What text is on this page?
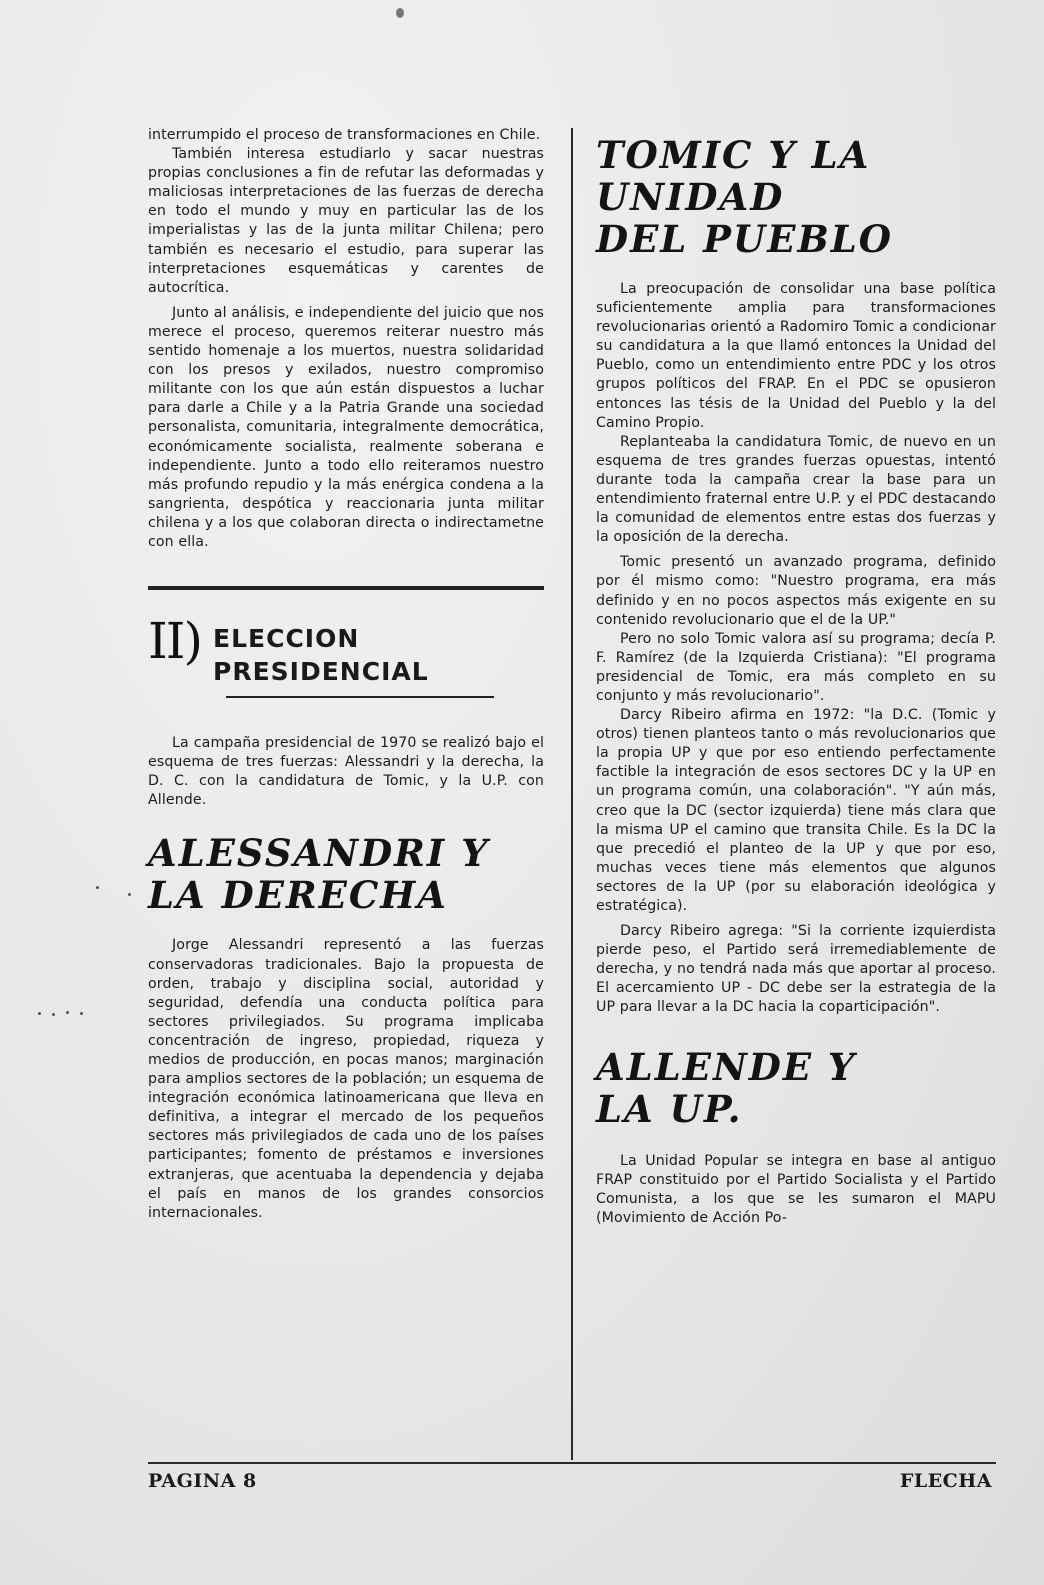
interrumpido el proceso de transformaciones en Chile.

También interesa estudiarlo y sacar nuestras propias conclusiones a fin de refutar las deformadas y maliciosas interpretaciones de las fuerzas de derecha en todo el mundo y muy en particular las de los imperialistas y las de la junta militar Chilena; pero también es necesario el estudio, para superar las interpretaciones esquemáticas y carentes de autocrítica.

Junto al análisis, e independiente del juicio que nos merece el proceso, queremos reiterar nuestro más sentido homenaje a los muertos, nuestra solidaridad con los presos y exilados, nuestro compromiso militante con los que aún están dispuestos a luchar para darle a Chile y a la Patria Grande una sociedad personalista, comunitaria, integralmente democrática, económicamente socialista, realmente soberana e independiente. Junto a todo ello reiteramos nuestro más profundo repudio y la más enérgica condena a la sangrienta, despótica y reaccionaria junta militar chilena y a los que colaboran directa o indirectametne con ella.

II) ELECCION
PRESIDENCIAL

La campaña presidencial de 1970 se realizó bajo el esquema de tres fuerzas: Alessandri y la derecha, la D. C. con la candidatura de Tomic, y la U.P. con Allende.

ALESSANDRI Y
LA DERECHA

Jorge Alessandri representó a las fuerzas conservadoras tradicionales. Bajo la propuesta de orden, trabajo y disciplina social, autoridad y seguridad, defendía una conducta política para sectores privilegiados. Su programa implicaba concentración de ingreso, propiedad, riqueza y medios de producción, en pocas manos; marginación para amplios sectores de la población; un esquema de integración económica latinoamericana que lleva en definitiva, a integrar el mercado de los pequeños sectores más privilegiados de cada uno de los países participantes; fomento de préstamos e inversiones extranjeras, que acentuaba la dependencia y dejaba el país en manos de los grandes consorcios internacionales.

TOMIC Y LA
UNIDAD
DEL PUEBLO

La preocupación de consolidar una base política suficientemente amplia para transformaciones revolucionarias orientó a Radomiro Tomic a condicionar su candidatura a la que llamó entonces la Unidad del Pueblo, como un entendimiento entre PDC y los otros grupos políticos del FRAP. En el PDC se opusieron entonces las tésis de la Unidad del Pueblo y la del Camino Propio.

Replanteaba la candidatura Tomic, de nuevo en un esquema de tres grandes fuerzas opuestas, intentó durante toda la campaña crear la base para un entendimiento fraternal entre U.P. y el PDC destacando la comunidad de elementos entre estas dos fuerzas y la oposición de la derecha.

Tomic presentó un avanzado programa, definido por él mismo como: "Nuestro programa, era más definido y en no pocos aspectos más exigente en su contenido revolucionario que el de la UP."

Pero no solo Tomic valora así su programa; decía P. F. Ramírez (de la Izquierda Cristiana): "El programa presidencial de Tomic, era más completo en su conjunto y más revolucionario".

Darcy Ribeiro afirma en 1972: "la D.C. (Tomic y otros) tienen planteos tanto o más revolucionarios que la propia UP y que por eso entiendo perfectamente factible la integración de esos sectores DC y la UP en un programa común, una colaboración". "Y aún más, creo que la DC (sector izquierda) tiene más clara que la misma UP el camino que transita Chile. Es la DC la que precedió el planteo de la UP y que por eso, muchas veces tiene más elementos que algunos sectores de la UP (por su elaboración ideológica y estratégica).

Darcy Ribeiro agrega: "Si la corriente izquierdista pierde peso, el Partido será irremediablemente de derecha, y no tendrá nada más que aportar al proceso. El acercamiento UP - DC debe ser la estrategia de la UP para llevar a la DC hacia la coparticipación".

ALLENDE Y
LA UP.

La Unidad Popular se integra en base al antiguo FRAP constituido por el Partido Socialista y el Partido Comunista, a los que se les sumaron el MAPU (Movimiento de Acción Po-

PAGINA 8	FLECHA
